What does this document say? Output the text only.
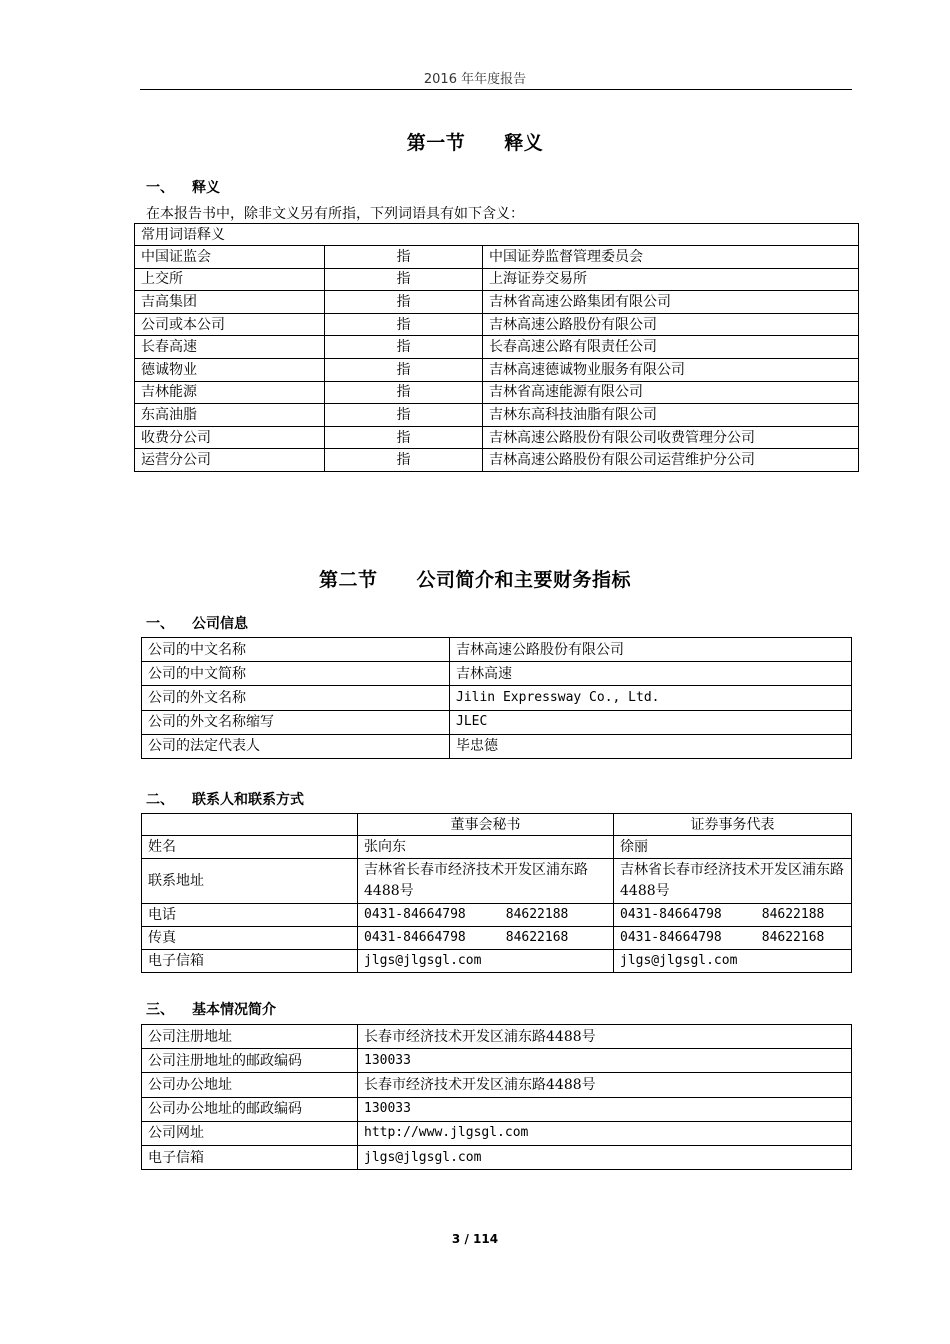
2016 年年度报告
第一节　　释义
一、 释义
在本报告书中，除非文义另有所指，下列词语具有如下含义：
常用词语释义		
中国证监会	指	中国证券监督管理委员会
上交所	指	上海证券交易所
吉高集团	指	吉林省高速公路集团有限公司
公司或本公司	指	吉林高速公路股份有限公司
长春高速	指	长春高速公路有限责任公司
德诚物业	指	吉林高速德诚物业服务有限公司
吉林能源	指	吉林省高速能源有限公司
东高油脂	指	吉林东高科技油脂有限公司
收费分公司	指	吉林高速公路股份有限公司收费管理分公司
运营分公司	指	吉林高速公路股份有限公司运营维护分公司
第二节　　公司简介和主要财务指标
一、 公司信息
公司的中文名称	吉林高速公路股份有限公司
公司的中文简称	吉林高速
公司的外文名称	Jilin Expressway Co., Ltd.
公司的外文名称缩写	JLEC
公司的法定代表人	毕忠德
二、 联系人和联系方式
	董事会秘书	证券事务代表
姓名	张向东	徐丽
联系地址	吉林省长春市经济技术开发区浦东路4488号	吉林省长春市经济技术开发区浦东路4488号
电话	0431-84664798 84622188	0431-84664798 84622188
传真	0431-84664798 84622168	0431-84664798 84622168
电子信箱	jlgs@jlgsgl.com	jlgs@jlgsgl.com
三、 基本情况简介
公司注册地址	长春市经济技术开发区浦东路4488号
公司注册地址的邮政编码	130033
公司办公地址	长春市经济技术开发区浦东路4488号
公司办公地址的邮政编码	130033
公司网址	http://www.jlgsgl.com
电子信箱	jlgs@jlgsgl.com
3 / 114
